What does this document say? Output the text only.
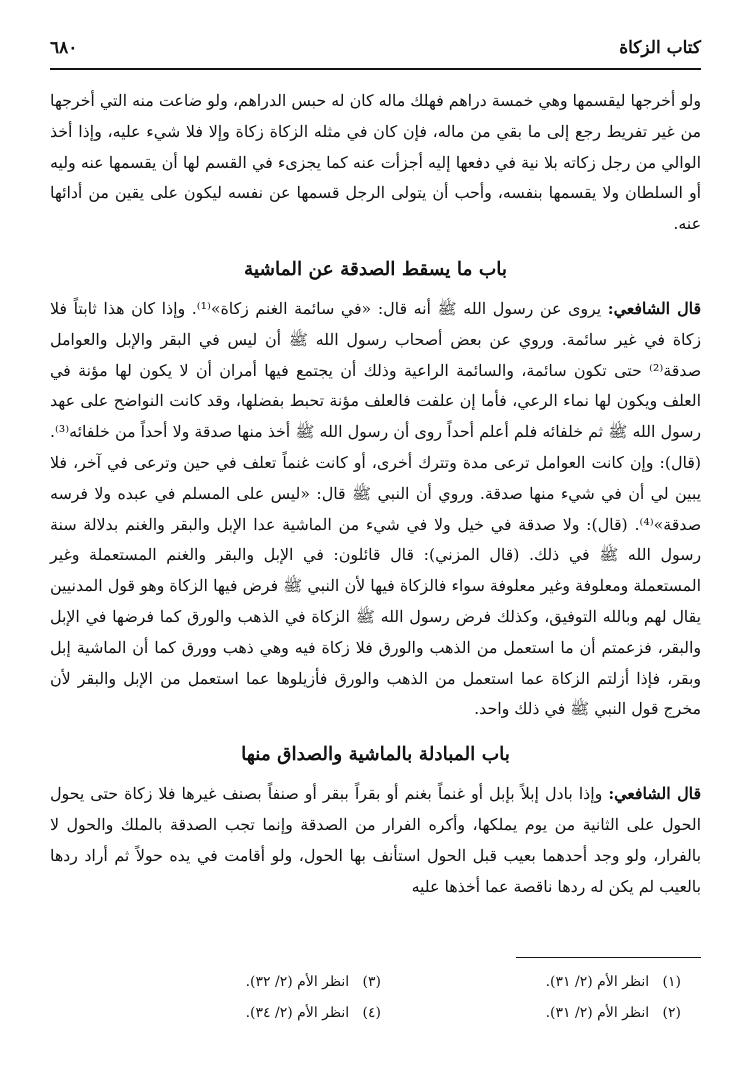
كتاب الزكاة
٦٨٠

ولو أخرجها ليقسمها وهي خمسة دراهم فهلك ماله كان له حبس الدراهم، ولو ضاعت منه التي أخرجها من غير تفريط رجع إلى ما بقي من ماله، فإن كان في مثله الزكاة زكاة وإلا فلا شيء عليه، وإذا أخذ الوالي من رجل زكاته بلا نية في دفعها إليه أجزأت عنه كما يجزىء في القسم لها أن يقسمها عنه وليه أو السلطان ولا يقسمها بنفسه، وأحب أن يتولى الرجل قسمها عن نفسه ليكون على يقين من أدائها عنه.

باب ما يسقط الصدقة عن الماشية

قال الشافعي: يروى عن رسول الله ﷺ أنه قال: «في سائمة الغنم زكاة»⁽¹⁾. وإذا كان هذا ثابتاً فلا زكاة في غير سائمة. وروي عن بعض أصحاب رسول الله ﷺ أن ليس في البقر والإبل والعوامل صدقة⁽²⁾ حتى تكون سائمة، والسائمة الراعية وذلك أن يجتمع فيها أمران أن لا يكون لها مؤنة في العلف ويكون لها نماء الرعي، فأما إن علفت فالعلف مؤنة تحبط بفضلها، وقد كانت النواضح على عهد رسول الله ﷺ ثم خلفائه فلم أعلم أحداً روى أن رسول الله ﷺ أخذ منها صدقة ولا أحداً من خلفائه⁽³⁾. (قال): وإن كانت العوامل ترعى مدة وتترك أخرى، أو كانت غنماً تعلف في حين وترعى في آخر، فلا يبين لي أن في شيء منها صدقة. وروي أن النبي ﷺ قال: «ليس على المسلم في عبده ولا فرسه صدقة»⁽⁴⁾. (قال): ولا صدقة في خيل ولا في شيء من الماشية عدا الإبل والبقر والغنم بدلالة سنة رسول الله ﷺ في ذلك. (قال المزني): قال قائلون: في الإبل والبقر والغنم المستعملة وغير المستعملة ومعلوفة وغير معلوفة سواء فالزكاة فيها لأن النبي ﷺ فرض فيها الزكاة وهو قول المدنيين يقال لهم وبالله التوفيق، وكذلك فرض رسول الله ﷺ الزكاة في الذهب والورق كما فرضها في الإبل والبقر، فزعمتم أن ما استعمل من الذهب والورق فلا زكاة فيه وهي ذهب وورق كما أن الماشية إبل وبقر، فإذا أزلتم الزكاة عما استعمل من الذهب والورق فأزيلوها عما استعمل من الإبل والبقر لأن مخرج قول النبي ﷺ في ذلك واحد.

باب المبادلة بالماشية والصداق منها

قال الشافعي: وإذا بادل إبلاً بإبل أو غنماً بغنم أو بقراً ببقر أو صنفاً بصنف غيرها فلا زكاة حتى يحول الحول على الثانية من يوم يملكها، وأكره الفرار من الصدقة وإنما تجب الصدقة بالملك والحول لا بالفرار، ولو وجد أحدهما بعيب قبل الحول استأنف بها الحول، ولو أقامت في يده حولاً ثم أراد ردها بالعيب لم يكن له ردها ناقصة عما أخذها عليه

(١)   انظر الأم (٢/ ٣١).
(٢)   انظر الأم (٢/ ٣١).
(٣)   انظر الأم (٢/ ٣٢).
(٤)   انظر الأم (٢/ ٣٤).
